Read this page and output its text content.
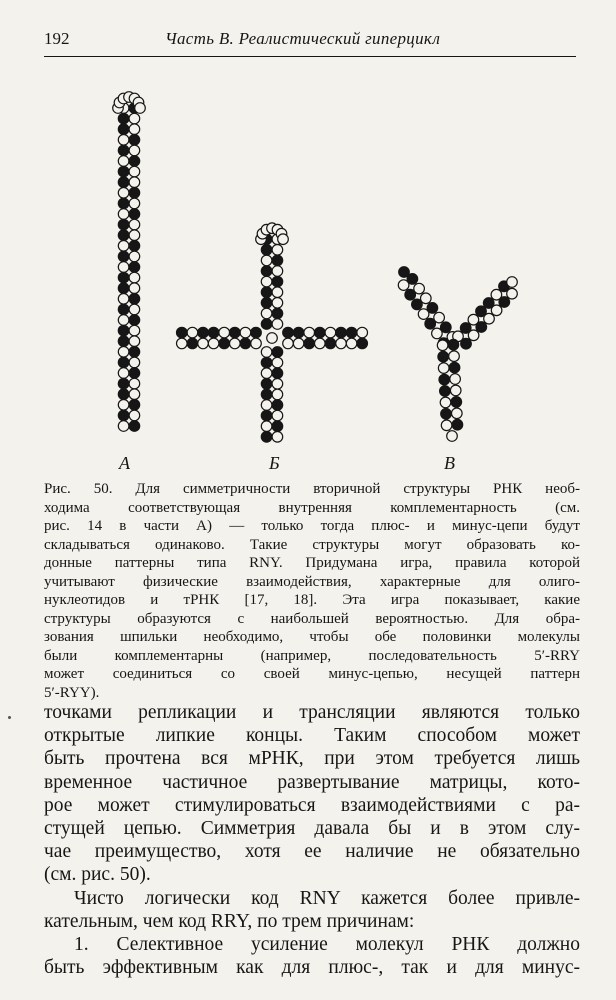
192	Часть В. Реалистический гиперцикл
А	Б	В

Рис. 50. Для симметричности вторичной структуры РНК необ-
ходима соответствующая внутренняя комплементарность (см.
рис. 14 в части А) — только тогда плюс- и минус-цепи будут
складываться одинаково. Такие структуры могут образовать ко-
донные паттерны типа RNY. Придумана игра, правила которой
учитывают физические взаимодействия, характерные для олиго-
нуклеотидов и тРНК [17, 18]. Эта игра показывает, какие
структуры образуются с наибольшей вероятностью. Для обра-
зования шпильки необходимо, чтобы обе половинки молекулы
были комплементарны (например, последовательность 5′-RRY
может соединиться со своей минус-цепью, несущей паттерн
5′-RYY).

точками репликации и трансляции являются только
открытые липкие концы. Таким способом может
быть прочтена вся мРНК, при этом требуется лишь
временное частичное развертывание матрицы, кото-
рое может стимулироваться взаимодействиями с ра-
стущей цепью. Симметрия давала бы и в этом слу-
чае преимущество, хотя ее наличие не обязательно
(см. рис. 50).
Чисто логически код RNY кажется более привле-
кательным, чем код RRY, по трем причинам:
1. Селективное усиление молекул РНК должно
быть эффективным как для плюс-, так и для минус-
